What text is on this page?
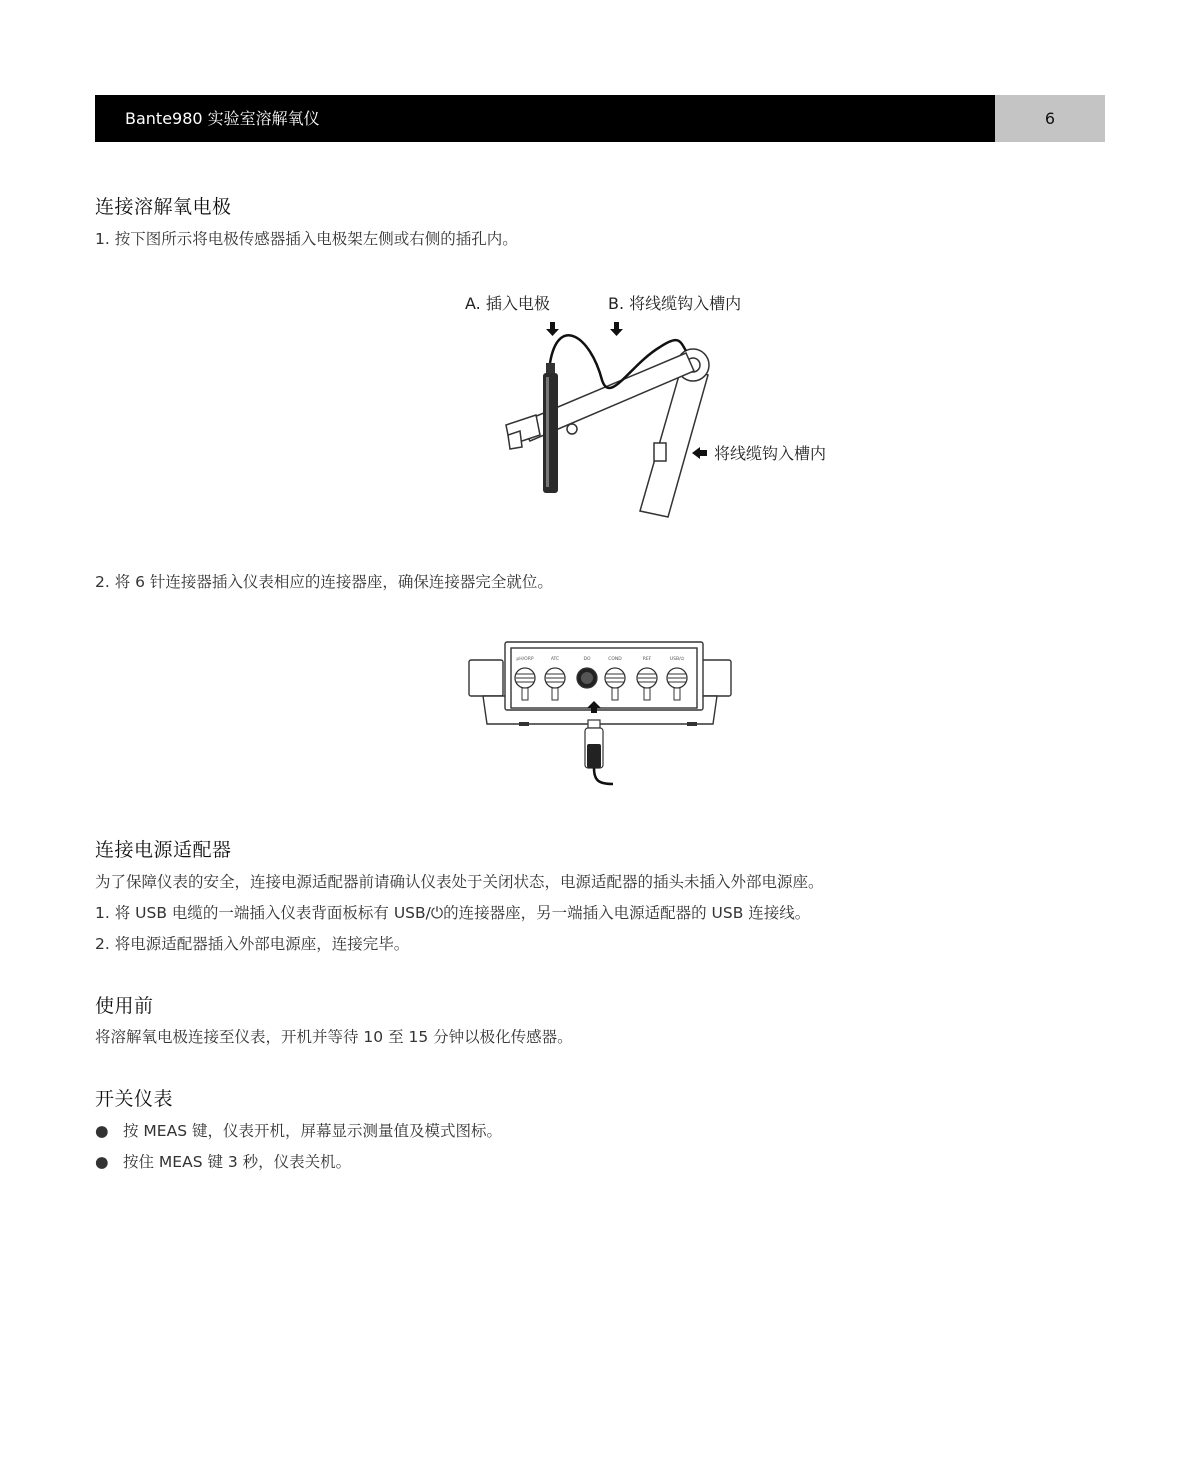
Bante980 实验室溶解氧仪	6
连接溶解氧电极

1. 按下图所示将电极传感器插入电极架左侧或右侧的插孔内。

A. 插入电极	B. 将线缆钩入槽内
将线缆钩入槽内

2. 将 6 针连接器插入仪表相应的连接器座，确保连接器完全就位。

pH/ORP	ATC	DO	COND	REF	USB/⏻
连接电源适配器

为了保障仪表的安全，连接电源适配器前请确认仪表处于关闭状态，电源适配器的插头未插入外部电源座。

1. 将 USB 电缆的一端插入仪表背面板标有 USB/⏻的连接器座，另一端插入电源适配器的 USB 连接线。

2. 将电源适配器插入外部电源座，连接完毕。

使用前

将溶解氧电极连接至仪表，开机并等待 10 至 15 分钟以极化传感器。

开关仪表
● 按 MEAS 键，仪表开机，屏幕显示测量值及模式图标。
● 按住 MEAS 键 3 秒，仪表关机。
